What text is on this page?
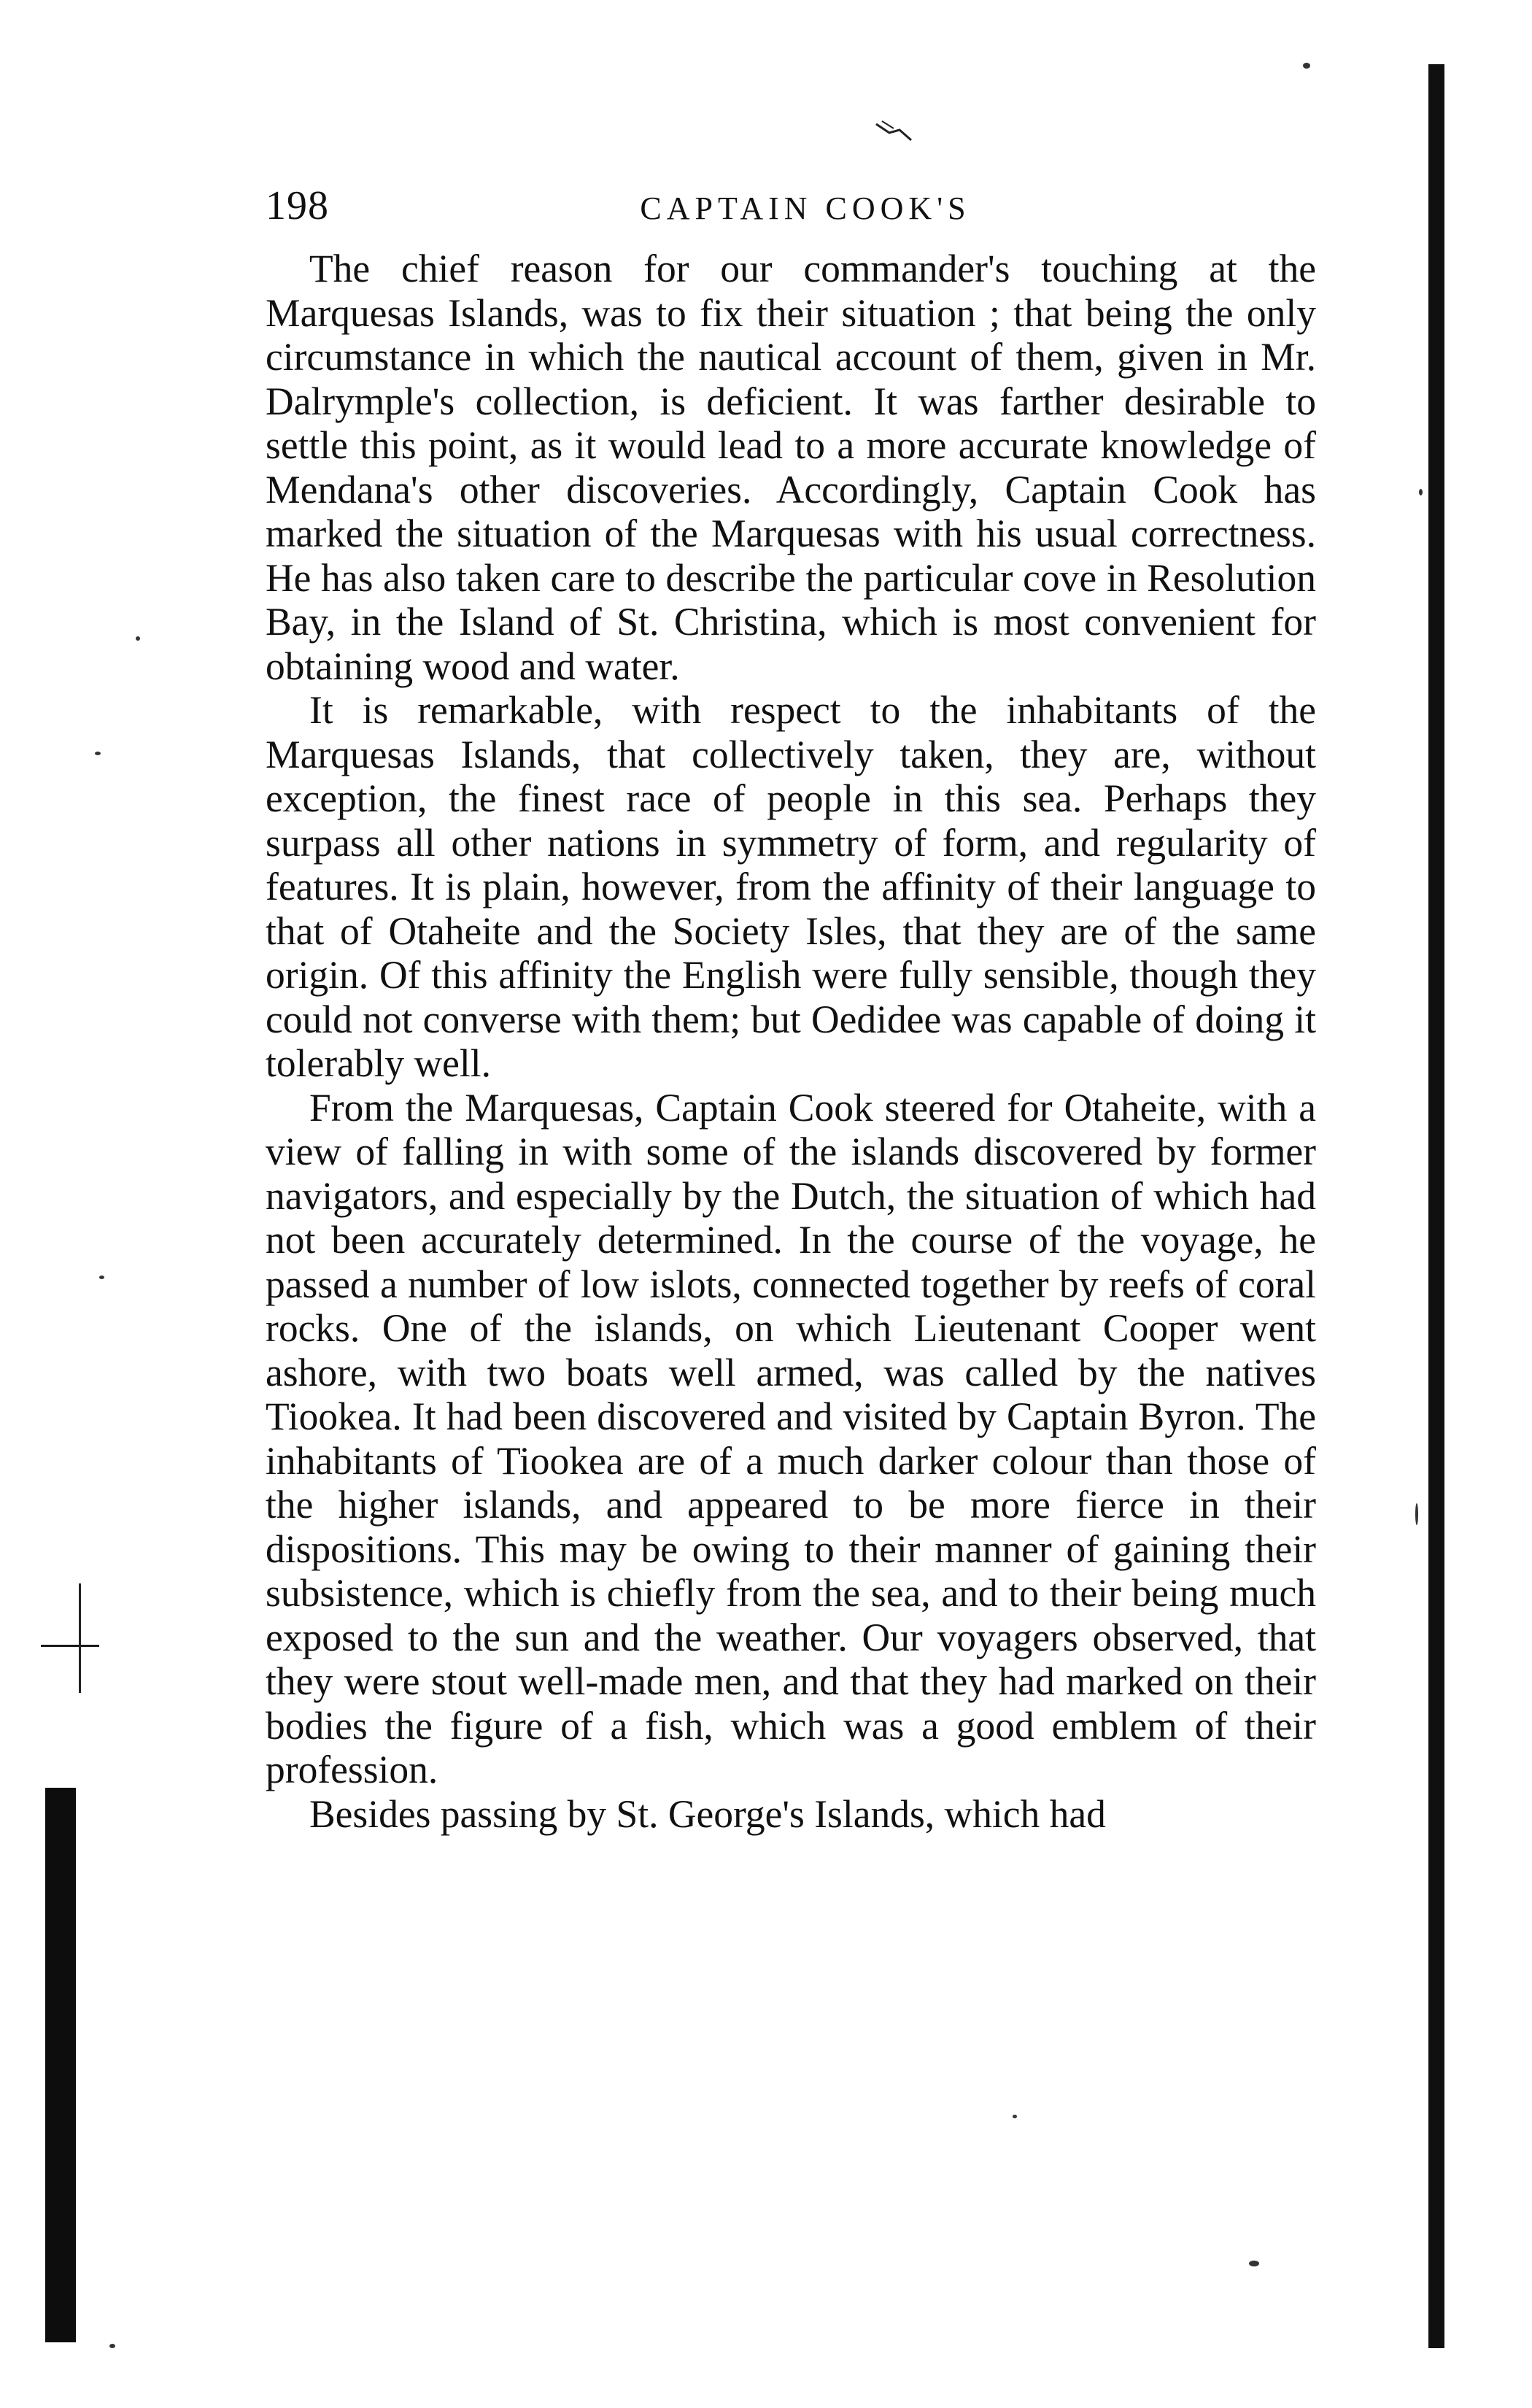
198	CAPTAIN COOK'S

The chief reason for our commander's touching at the Marquesas Islands, was to fix their situation ; that being the only circumstance in which the nautical account of them, given in Mr. Dalrymple's collection, is deficient. It was farther desirable to settle this point, as it would lead to a more accurate knowledge of Mendana's other discoveries. Accordingly, Captain Cook has marked the situation of the Marquesas with his usual correctness. He has also taken care to describe the particular cove in Resolution Bay, in the Island of St. Christina, which is most convenient for obtaining wood and water.

It is remarkable, with respect to the inhabitants of the Marquesas Islands, that collectively taken, they are, without exception, the finest race of people in this sea. Perhaps they surpass all other nations in symmetry of form, and regularity of features. It is plain, however, from the affinity of their language to that of Otaheite and the Society Isles, that they are of the same origin. Of this affinity the English were fully sensible, though they could not converse with them; but Oedidee was capable of doing it tolerably well.

From the Marquesas, Captain Cook steered for Otaheite, with a view of falling in with some of the islands discovered by former navigators, and especially by the Dutch, the situation of which had not been accurately determined. In the course of the voyage, he passed a number of low islots, connected together by reefs of coral rocks. One of the islands, on which Lieutenant Cooper went ashore, with two boats well armed, was called by the natives Tiookea. It had been discovered and visited by Captain Byron. The inhabitants of Tiookea are of a much darker colour than those of the higher islands, and appeared to be more fierce in their dispositions. This may be owing to their manner of gaining their subsistence, which is chiefly from the sea, and to their being much exposed to the sun and the weather. Our voyagers observed, that they were stout well-made men, and that they had marked on their bodies the figure of a fish, which was a good emblem of their profession.

Besides passing by St. George's Islands, which had
